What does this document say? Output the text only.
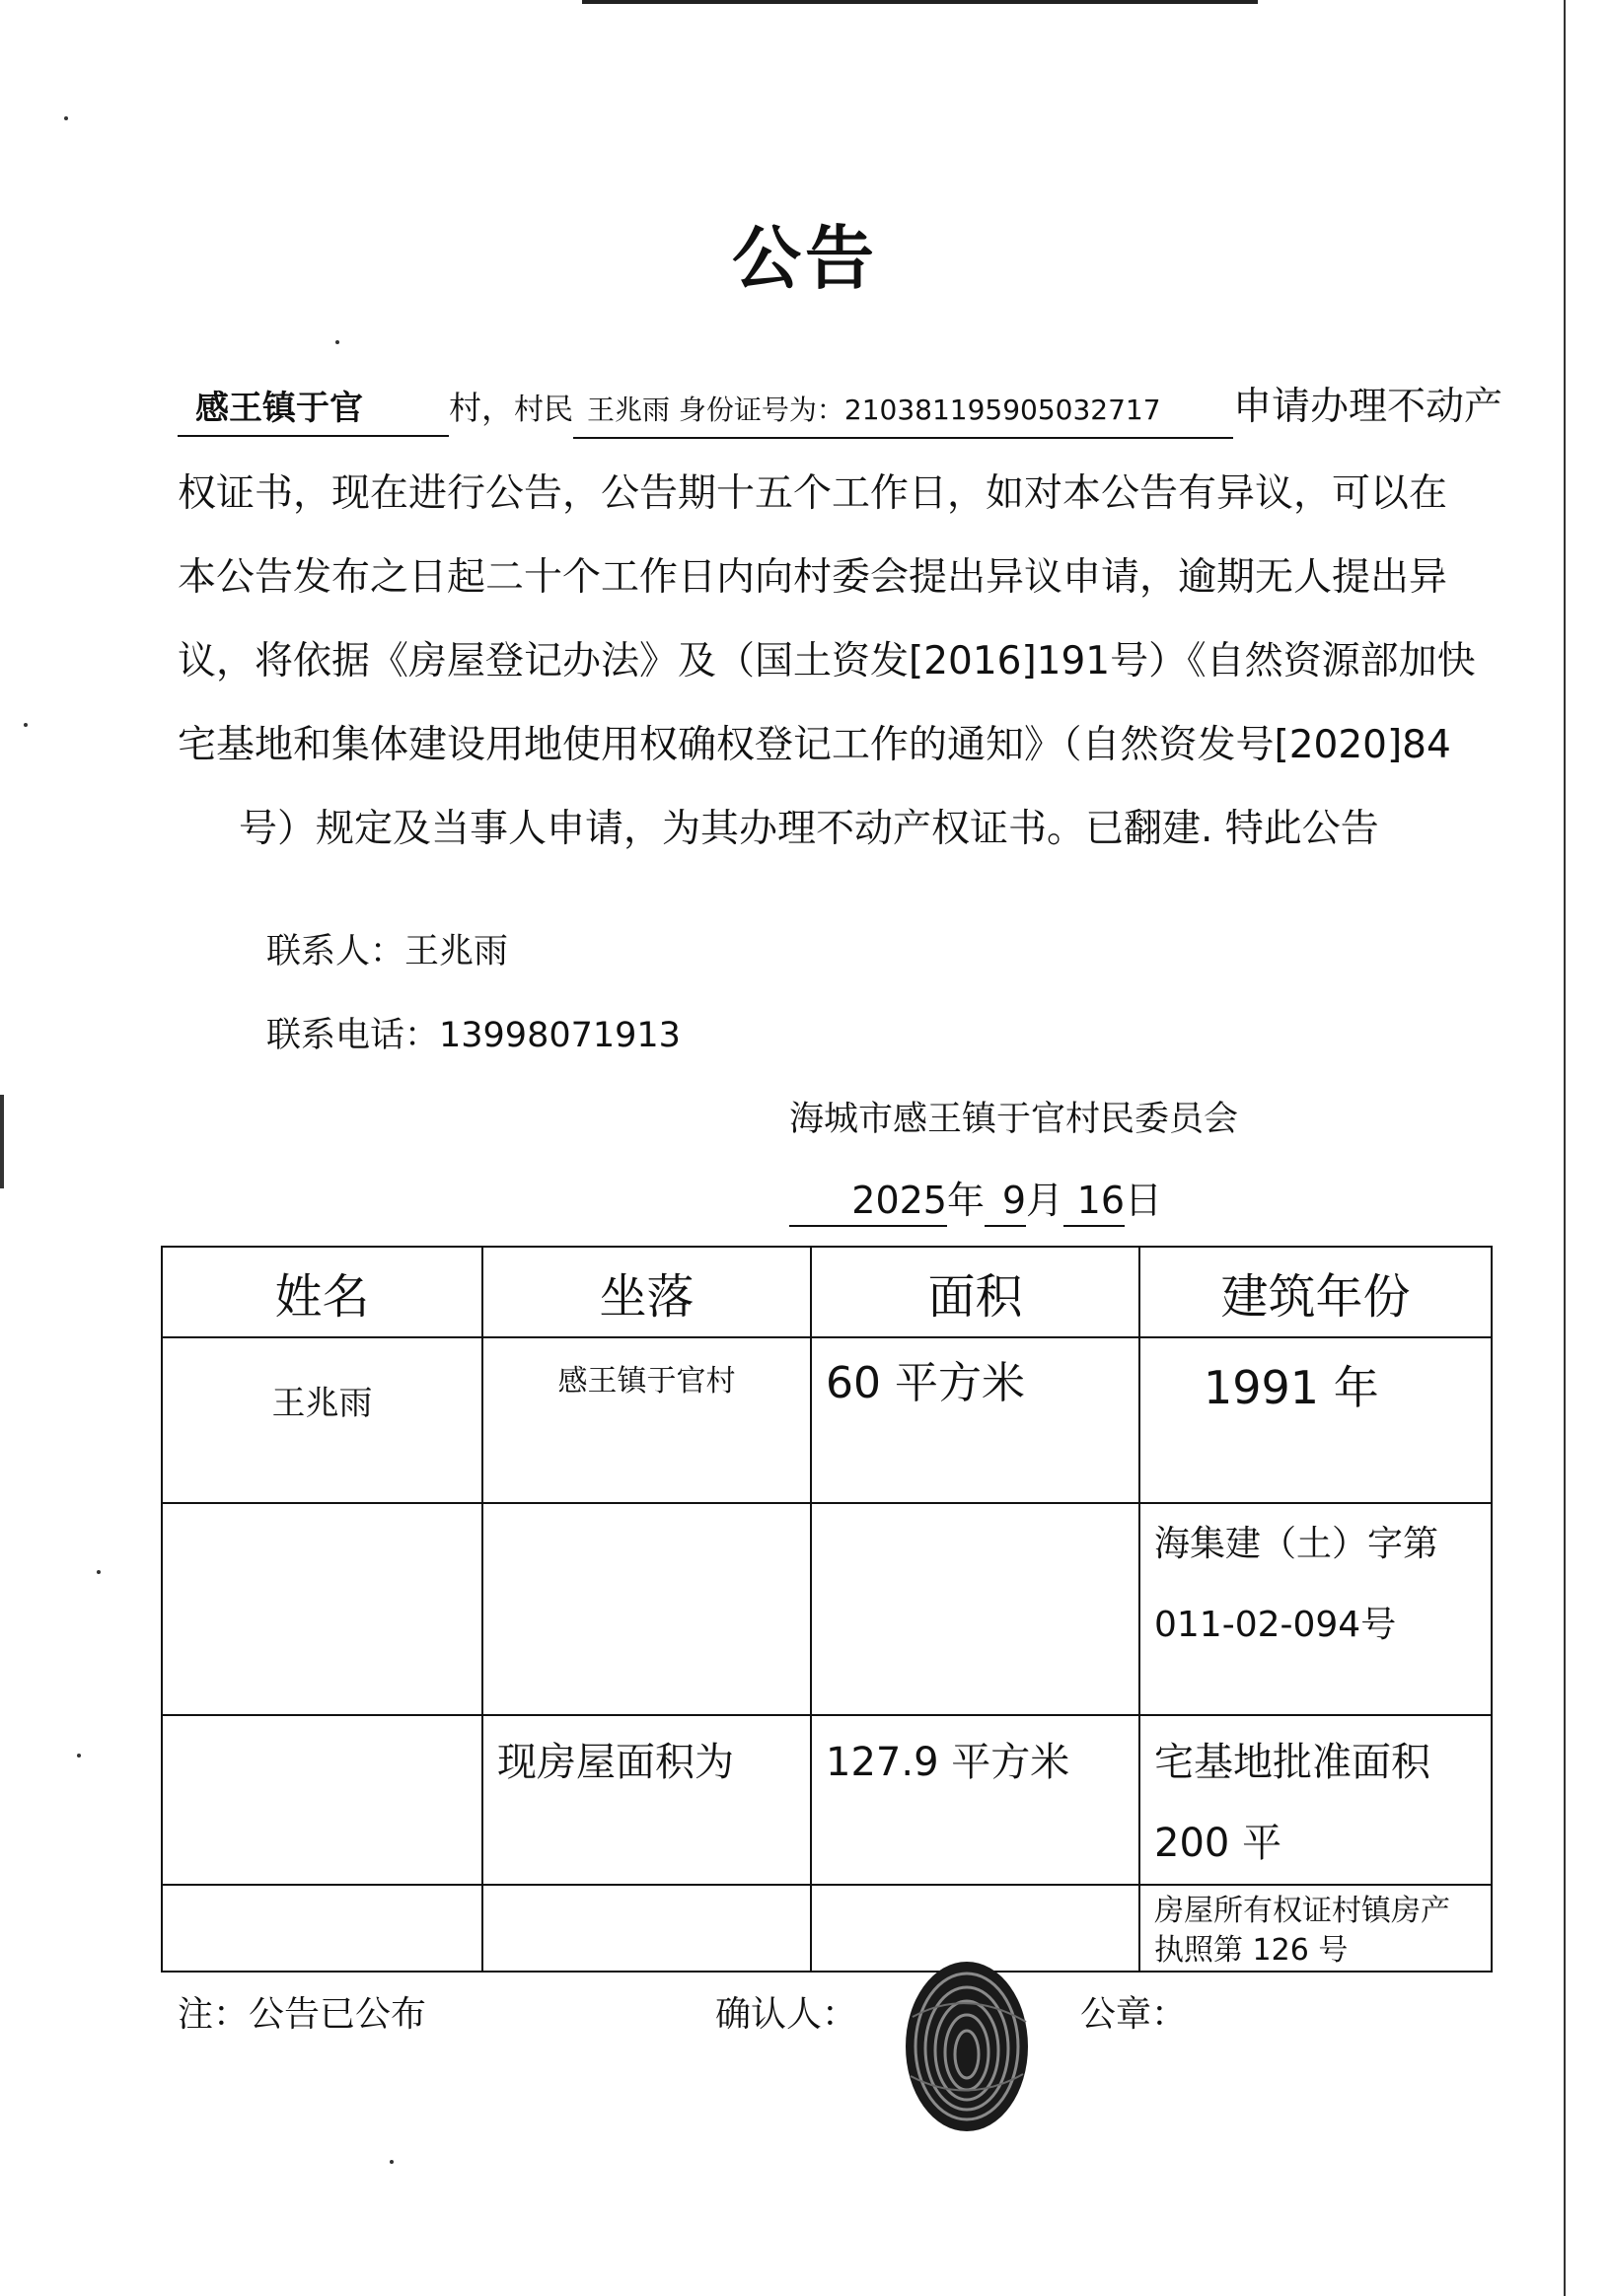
公告
感王镇于官	村，村民 王兆雨 身份证号为：210381195905032717 申请办理不动产
权证书，现在进行公告，公告期十五个工作日，如对本公告有异议，可以在
本公告发布之日起二十个工作日内向村委会提出异议申请，逾期无人提出异
议，将依据《房屋登记办法》及（国土资发[2016]191号）《自然资源部加快
宅基地和集体建设用地使用权确权登记工作的通知》（自然资发号[2020]84
号）规定及当事人申请，为其办理不动产权证书。已翻建. 特此公告
联系人：王兆雨
联系电话：13998071913
海城市感王镇于官村民委员会
2025年 9月 16日
姓名	坐落	面积	建筑年份

王兆雨	感王镇于官村	60 平方米	1991 年

			海集建（土）字第011-02-094号

	现房屋面积为	127.9 平方米	宅基地批准面积 200 平

			房屋所有权证村镇房产执照第 126 号
注：公告已公布	确认人：	公章：
